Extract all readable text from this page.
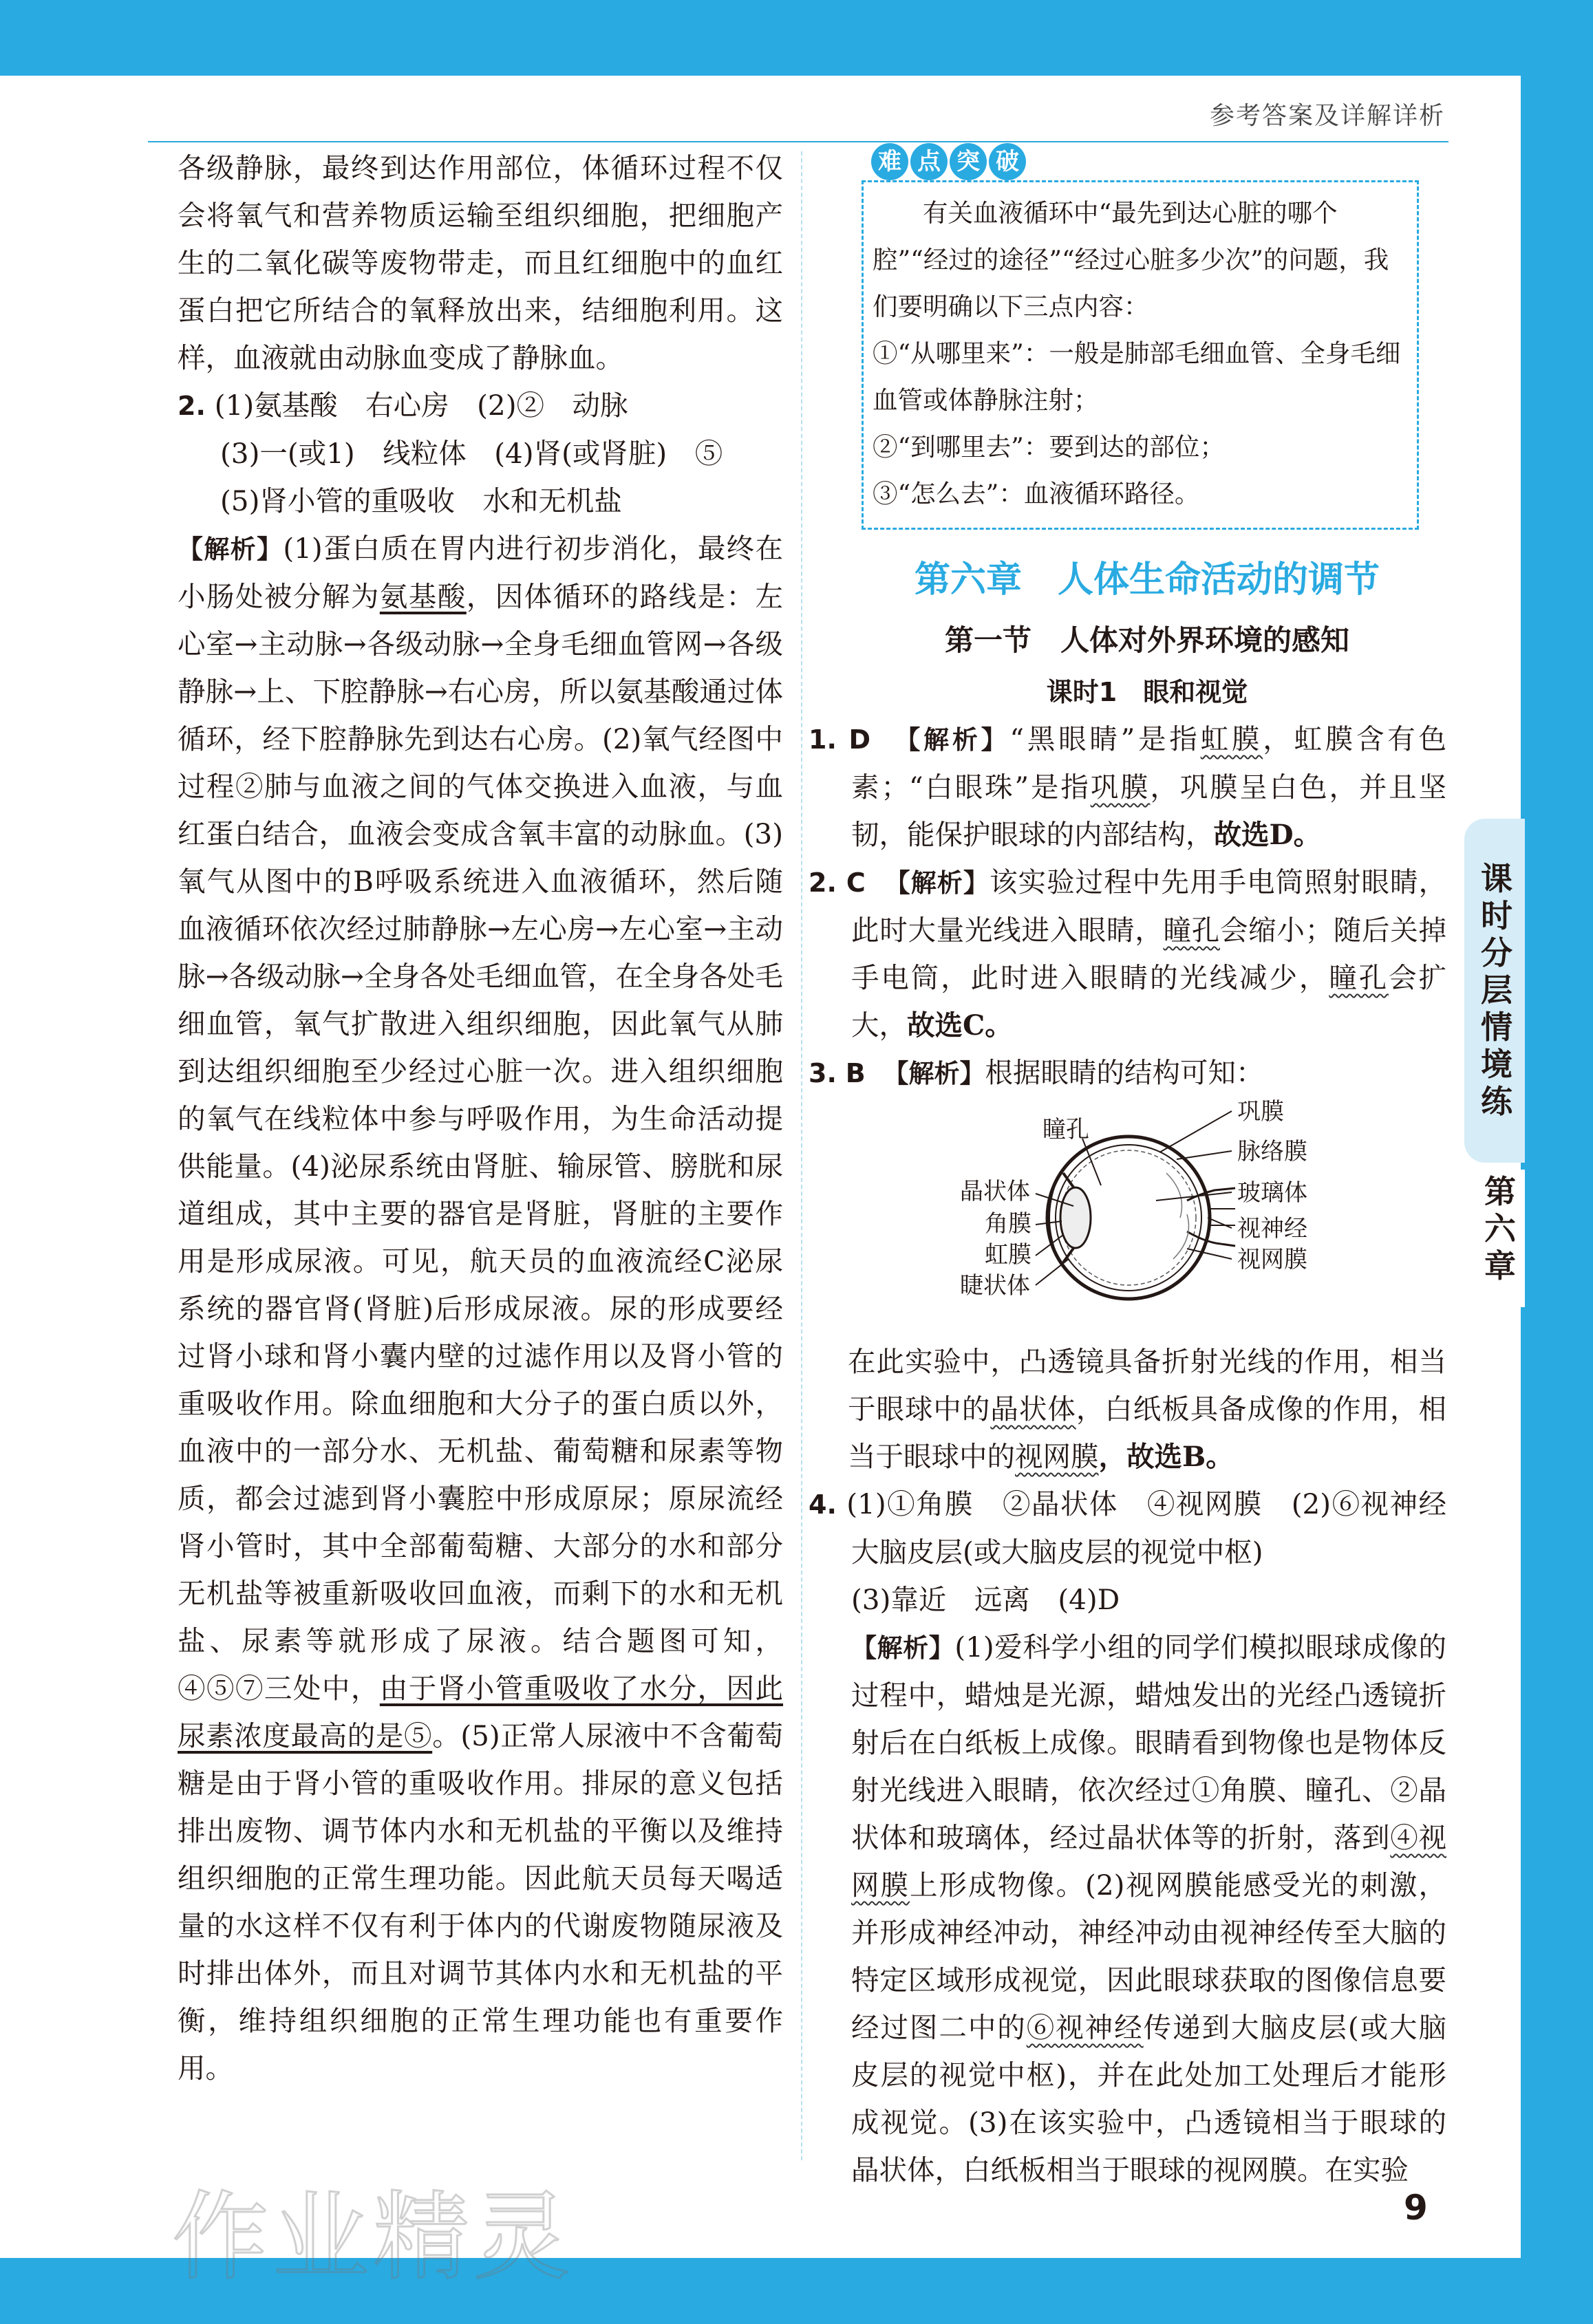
参考答案及详解详析

各级静脉，最终到达作用部位，体循环过程不仅会将氧气和营养物质运输至组织细胞，把细胞产生的二氧化碳等废物带走，而且红细胞中的血红蛋白把它所结合的氧释放出来，结细胞利用。这样，血液就由动脉血变成了静脉血。

2. (1)氨基酸　右心房　(2)②　动脉

(3)一(或1)　线粒体　(4)肾(或肾脏)　⑤

(5)肾小管的重吸收　水和无机盐

【解析】(1)蛋白质在胃内进行初步消化，最终在小肠处被分解为氨基酸，因体循环的路线是：左心室→主动脉→各级动脉→全身毛细血管网→各级静脉→上、下腔静脉→右心房，所以氨基酸通过体循环，经下腔静脉先到达右心房。(2)氧气经图中过程②肺与血液之间的气体交换进入血液，与血红蛋白结合，血液会变成含氧丰富的动脉血。(3)氧气从图中的B呼吸系统进入血液循环，然后随血液循环依次经过肺静脉→左心房→左心室→主动脉→各级动脉→全身各处毛细血管，在全身各处毛细血管，氧气扩散进入组织细胞，因此氧气从肺到达组织细胞至少经过心脏一次。进入组织细胞的氧气在线粒体中参与呼吸作用，为生命活动提供能量。(4)泌尿系统由肾脏、输尿管、膀胱和尿道组成，其中主要的器官是肾脏，肾脏的主要作用是形成尿液。可见，航天员的血液流经C泌尿系统的器官肾(肾脏)后形成尿液。尿的形成要经过肾小球和肾小囊内壁的过滤作用以及肾小管的重吸收作用。除血细胞和大分子的蛋白质以外，血液中的一部分水、无机盐、葡萄糖和尿素等物质，都会过滤到肾小囊腔中形成原尿；原尿流经肾小管时，其中全部葡萄糖、大部分的水和部分无机盐等被重新吸收回血液，而剩下的水和无机盐、尿素等就形成了尿液。结合题图可知，④⑤⑦三处中，由于肾小管重吸收了水分，因此尿素浓度最高的是⑤。(5)正常人尿液中不含葡萄糖是由于肾小管的重吸收作用。排尿的意义包括排出废物、调节体内水和无机盐的平衡以及维持组织细胞的正常生理功能。因此航天员每天喝适量的水这样不仅有利于体内的代谢废物随尿液及时排出体外，而且对调节其体内水和无机盐的平衡，维持组织细胞的正常生理功能也有重要作用。

难 点 突 破

　　有关血液循环中“最先到达心脏的哪个腔”“经过的途径”“经过心脏多少次”的问题，我们要明确以下三点内容：

①“从哪里来”：一般是肺部毛细血管、全身毛细血管或体静脉注射；

②“到哪里去”：要到达的部位；

③“怎么去”：血液循环路径。

第六章　人体生命活动的调节
第一节　人体对外界环境的感知
课时1　眼和视觉

1. D 【解析】“黑眼睛”是指虹膜，虹膜含有色素；“白眼珠”是指巩膜，巩膜呈白色，并且坚韧，能保护眼球的内部结构，故选D。

2. C 【解析】该实验过程中先用手电筒照射眼睛，此时大量光线进入眼睛，瞳孔会缩小；随后关掉手电筒，此时进入眼睛的光线减少，瞳孔会扩大，故选C。

3. B 【解析】根据眼睛的结构可知：

巩膜
瞳孔
脉络膜
晶状体	玻璃体
角膜	视神经
虹膜	视网膜
睫状体

在此实验中，凸透镜具备折射光线的作用，相当于眼球中的晶状体，白纸板具备成像的作用，相当于眼球中的视网膜，故选B。

4. (1)①角膜　②晶状体　④视网膜　(2)⑥视神经　大脑皮层(或大脑皮层的视觉中枢)

(3)靠近　远离　(4)D

【解析】(1)爱科学小组的同学们模拟眼球成像的过程中，蜡烛是光源，蜡烛发出的光经凸透镜折射后在白纸板上成像。眼睛看到物像也是物体反射光线进入眼睛，依次经过①角膜、瞳孔、②晶状体和玻璃体，经过晶状体等的折射，落到④视网膜上形成物像。(2)视网膜能感受光的刺激，并形成神经冲动，神经冲动由视神经传至大脑的特定区域形成视觉，因此眼球获取的图像信息要经过图二中的⑥视神经传递到大脑皮层(或大脑皮层的视觉中枢)，并在此处加工处理后才能形成视觉。(3)在该实验中，凸透镜相当于眼球的晶状体，白纸板相当于眼球的视网膜。在实验

课时分层情境练
第六章
9
作业精灵
